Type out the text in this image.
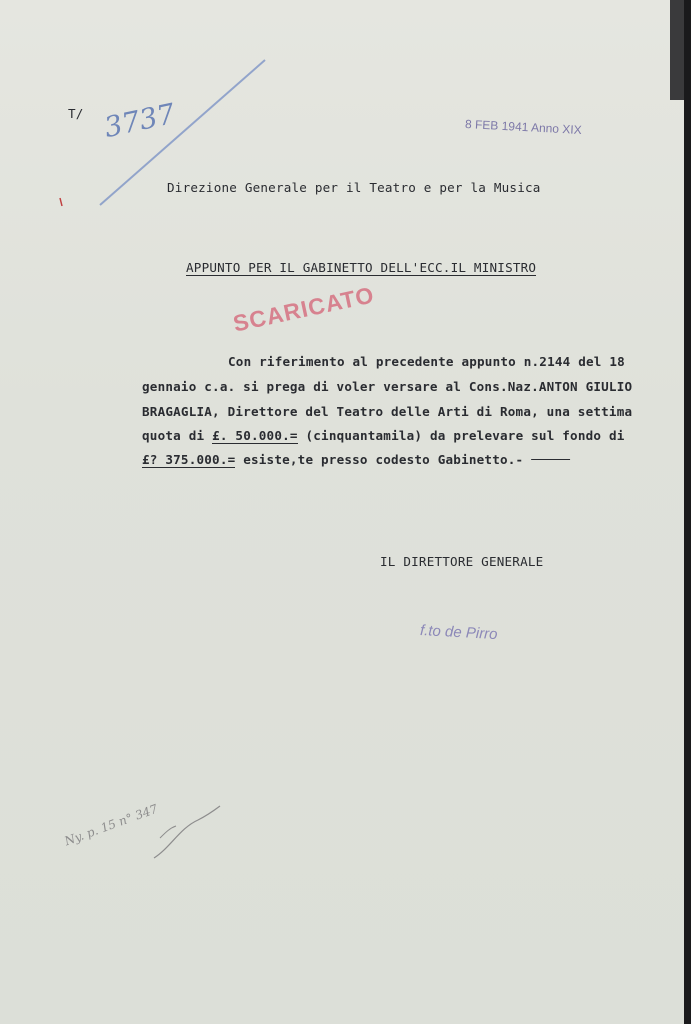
T/ 3737	8 FEB 1941 Anno XIX
Direzione Generale per il Teatro e per la Musica
APPUNTO PER IL GABINETTO DELL'ECC.IL MINISTRO
SCARICATO
Con riferimento al precedente appunto n.2144 del 18
gennaio c.a. si prega di voler versare al Cons.Naz.ANTON GIULIO
BRAGAGLIA, Direttore del Teatro delle Arti di Roma, una settima
quota di £. 50.000.= (cinquantamila) da prelevare sul fondo di
£? 375.000.= esiste,te presso codesto Gabinetto.-
IL DIRETTORE GENERALE
f.to de Pirro
Ny. p. 15 n° 347
